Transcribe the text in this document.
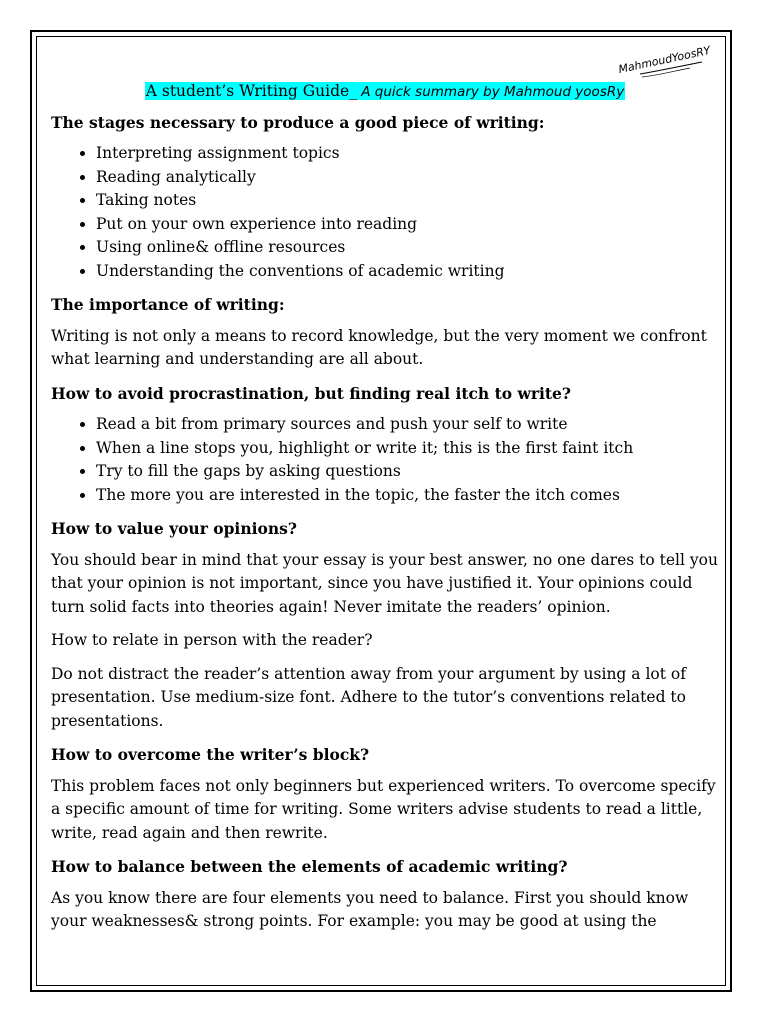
MahmoudYoosRY
A student’s Writing Guide_ A quick summary by Mahmoud yoosRy
The stages necessary to produce a good piece of writing:
• Interpreting assignment topics
• Reading analytically
• Taking notes
• Put on your own experience into reading
• Using online& offline resources
• Understanding the conventions of academic writing
The importance of writing:

Writing is not only a means to record knowledge, but the very moment we confront what learning and understanding are all about.

How to avoid procrastination, but finding real itch to write?
• Read a bit from primary sources and push your self to write
• When a line stops you, highlight or write it; this is the first faint itch
• Try to fill the gaps by asking questions
• The more you are interested in the topic, the faster the itch comes
How to value your opinions?

You should bear in mind that your essay is your best answer, no one dares to tell you that your opinion is not important, since you have justified it. Your opinions could turn solid facts into theories again! Never imitate the readers’ opinion.

How to relate in person with the reader?

Do not distract the reader’s attention away from your argument by using a lot of presentation. Use medium-size font. Adhere to the tutor’s conventions related to presentations.

How to overcome the writer’s block?

This problem faces not only beginners but experienced writers. To overcome specify a specific amount of time for writing. Some writers advise students to read a little, write, read again and then rewrite.

How to balance between the elements of academic writing?

As you know there are four elements you need to balance. First you should know your weaknesses& strong points. For example: you may be good at using the
